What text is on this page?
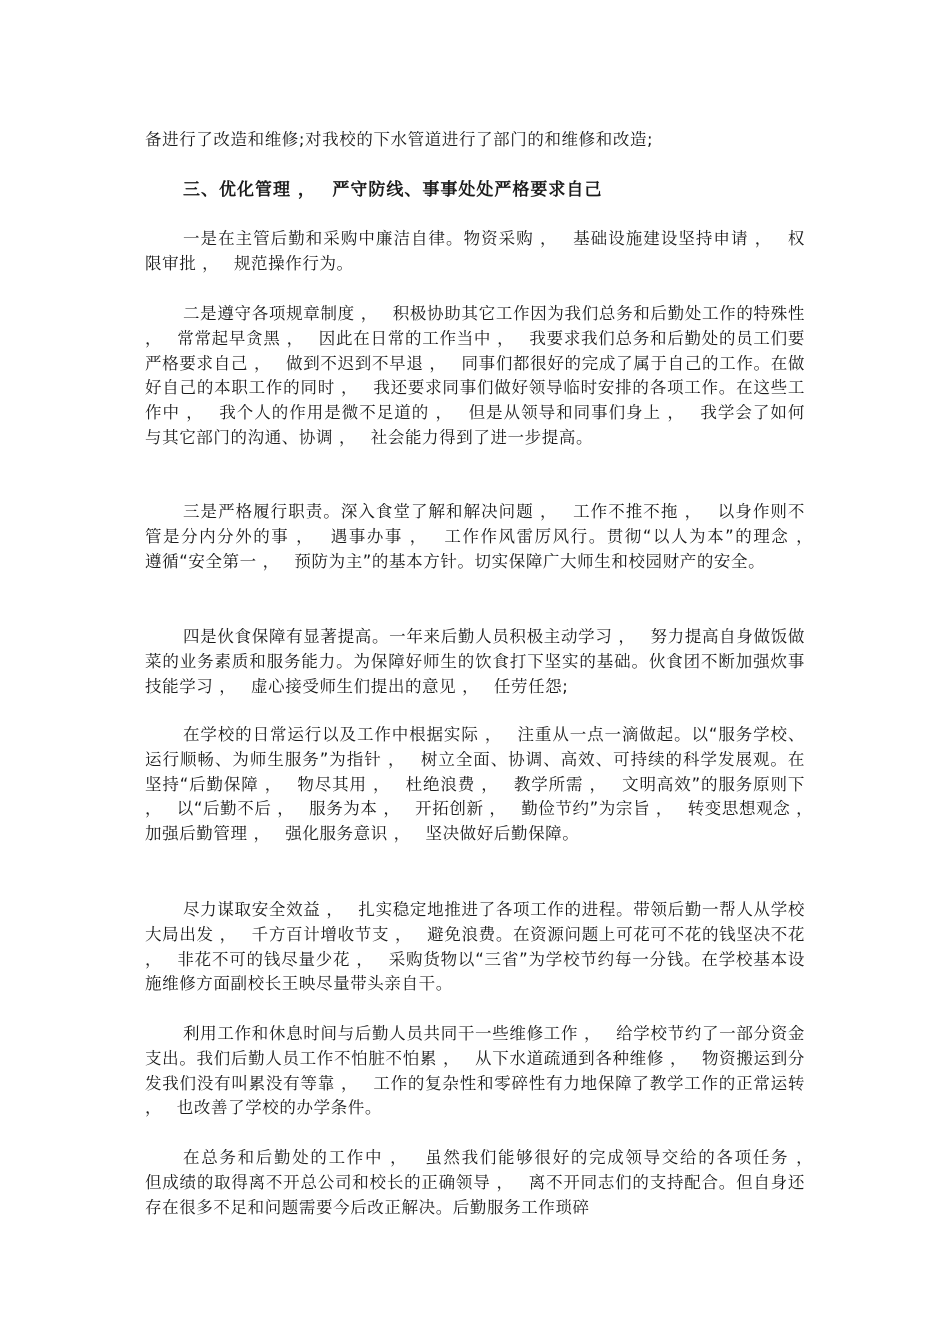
备进行了改造和维修;对我校的下水管道进行了部门的和维修和改造;

三、优化管理 ，　 严守防线、事事处处严格要求自己

一是在主管后勤和采购中廉洁自律。物资采购 ，　 基础设施建设坚持申请 ，　 权限审批 ，　 规范操作行为。

二是遵守各项规章制度 ，　 积极协助其它工作因为我们总务和后勤处工作的特殊性 ，　 常常起早贪黑 ，　 因此在日常的工作当中 ，　 我要求我们总务和后勤处的员工们要严格要求自己 ，　 做到不迟到不早退 ，　 同事们都很好的完成了属于自己的工作。在做好自己的本职工作的同时 ，　 我还要求同事们做好领导临时安排的各项工作。在这些工作中 ，　 我个人的作用是微不足道的 ，　 但是从领导和同事们身上 ，　 我学会了如何与其它部门的沟通、协调 ，　 社会能力得到了进一步提高。

三是严格履行职责。深入食堂了解和解决问题 ，　 工作不推不拖 ，　 以身作则不管是分内分外的事 ，　 遇事办事 ，　 工作作风雷厉风行。贯彻“以人为本”的理念 ，　 遵循“安全第一 ，　 预防为主”的基本方针。切实保障广大师生和校园财产的安全。

四是伙食保障有显著提高。一年来后勤人员积极主动学习 ，　 努力提高自身做饭做菜的业务素质和服务能力。为保障好师生的饮食打下坚实的基础。伙食团不断加强炊事技能学习 ，　 虚心接受师生们提出的意见 ，　 任劳任怨;

在学校的日常运行以及工作中根据实际 ，　 注重从一点一滴做起。以“服务学校、运行顺畅、为师生服务”为指针 ，　 树立全面、协调、高效、可持续的科学发展观。在坚持“后勤保障 ，　 物尽其用 ，　 杜绝浪费 ，　 教学所需 ，　 文明高效”的服务原则下 ，　 以“后勤不后 ，　 服务为本 ，　 开拓创新 ，　 勤俭节约”为宗旨 ，　 转变思想观念 ，　 加强后勤管理 ，　 强化服务意识 ，　 坚决做好后勤保障。

尽力谋取安全效益 ，　 扎实稳定地推进了各项工作的进程。带领后勤一帮人从学校大局出发 ，　 千方百计增收节支 ，　 避免浪费。在资源问题上可花可不花的钱坚决不花 ，　 非花不可的钱尽量少花 ，　 采购货物以“三省”为学校节约每一分钱。在学校基本设施维修方面副校长王映尽量带头亲自干。

利用工作和休息时间与后勤人员共同干一些维修工作 ，　 给学校节约了一部分资金支出。我们后勤人员工作不怕脏不怕累 ，　 从下水道疏通到各种维修 ，　 物资搬运到分发我们没有叫累没有等靠 ，　 工作的复杂性和零碎性有力地保障了教学工作的正常运转 ，　 也改善了学校的办学条件。

在总务和后勤处的工作中 ，　 虽然我们能够很好的完成领导交给的各项任务 ，　 但成绩的取得离不开总公司和校长的正确领导 ，　 离不开同志们的支持配合。但自身还存在很多不足和问题需要今后改正解决。后勤服务工作琐碎
